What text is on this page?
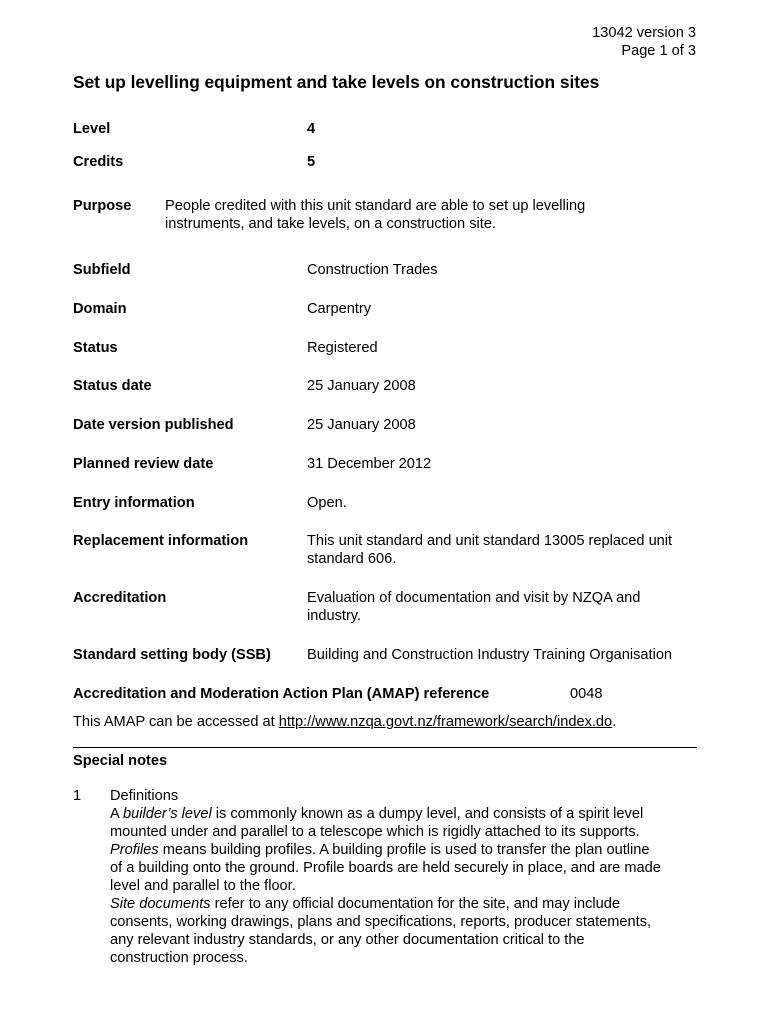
13042 version 3
Page 1 of 3
Set up levelling equipment and take levels on construction sites
Level	4
Credits	5
Purpose People credited with this unit standard are able to set up levelling
instruments, and take levels, on a construction site.
Subfield	Construction Trades
Domain	Carpentry
Status	Registered
Status date	25 January 2008
Date version published	25 January 2008
Planned review date	31 December 2012
Entry information	Open.
Replacement information	This unit standard and unit standard 13005 replaced unit
standard 606.
Accreditation	Evaluation of documentation and visit by NZQA and
industry.
Standard setting body (SSB) Building and Construction Industry Training Organisation
Accreditation and Moderation Action Plan (AMAP) reference	0048
This AMAP can be accessed at http://www.nzqa.govt.nz/framework/search/index.do.
Special notes
1 Definitions
A builder’s level is commonly known as a dumpy level, and consists of a spirit level
mounted under and parallel to a telescope which is rigidly attached to its supports.
Profiles means building profiles. A building profile is used to transfer the plan outline
of a building onto the ground. Profile boards are held securely in place, and are made
level and parallel to the floor.
Site documents refer to any official documentation for the site, and may include
consents, working drawings, plans and specifications, reports, producer statements,
any relevant industry standards, or any other documentation critical to the
construction process.
